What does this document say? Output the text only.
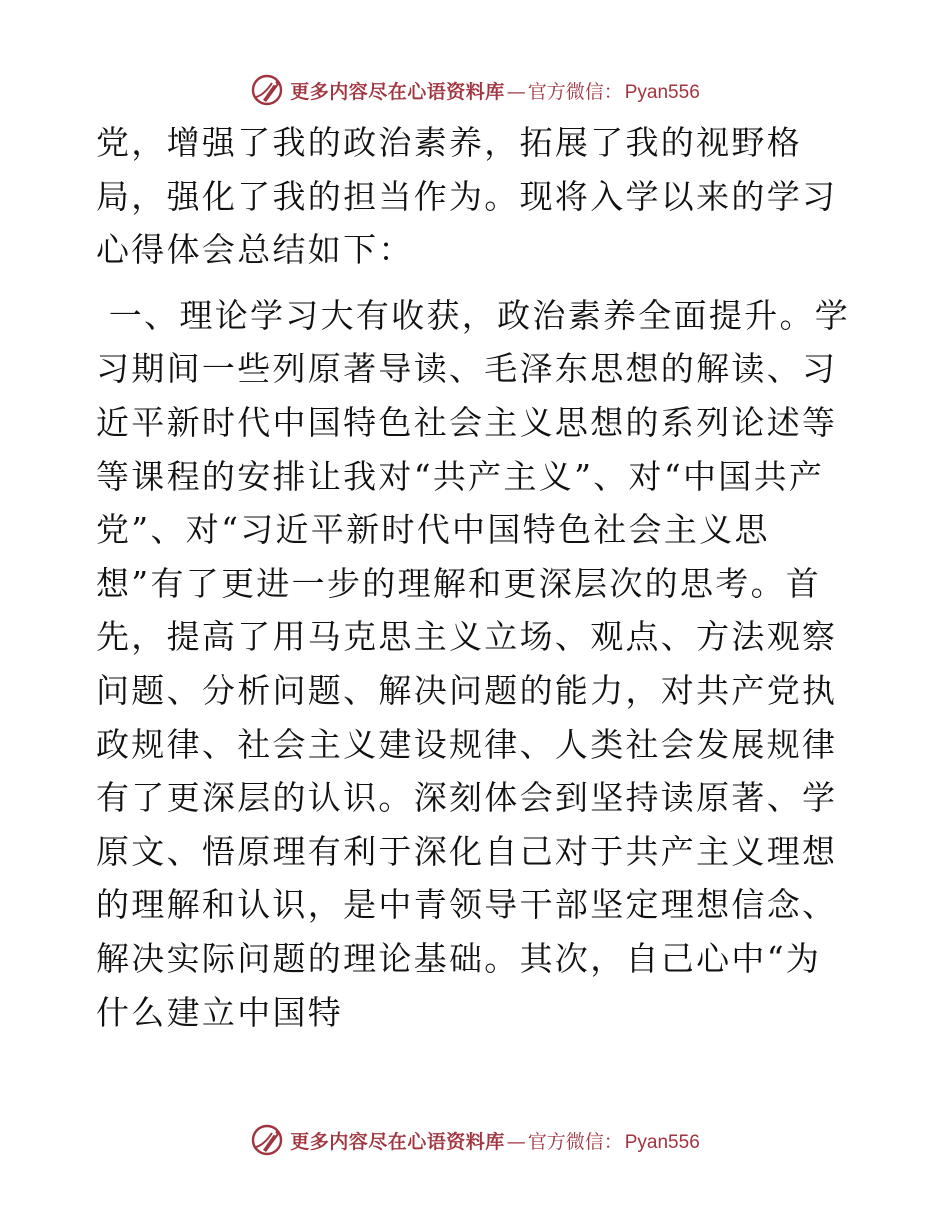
更多内容尽在心语资料库 — 官方微信： Pyan556

党，增强了我的政治素养，拓展了我的视野格局，强化了我的担当作为。现将入学以来的学习心得体会总结如下：

一、理论学习大有收获，政治素养全面提升。学习期间一些列原著导读、毛泽东思想的解读、习近平新时代中国特色社会主义思想的系列论述等等课程的安排让我对“共产主义”、对“中国共产党”、对“习近平新时代中国特色社会主义思想”有了更进一步的理解和更深层次的思考。首先，提高了用马克思主义立场、观点、方法观察问题、分析问题、解决问题的能力，对共产党执政规律、社会主义建设规律、人类社会发展规律有了更深层的认识。深刻体会到坚持读原著、学原文、悟原理有利于深化自己对于共产主义理想的理解和认识，是中青领导干部坚定理想信念、解决实际问题的理论基础。其次，自己心中“为什么建立中国特

更多内容尽在心语资料库 — 官方微信： Pyan556
